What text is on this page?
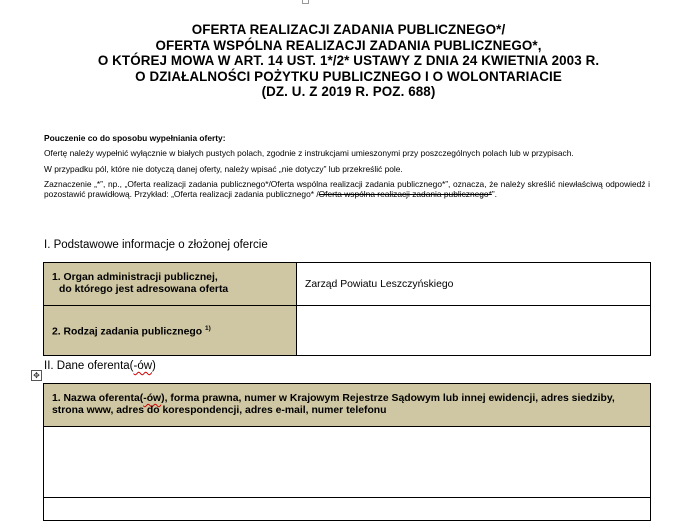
OFERTA REALIZACJI ZADANIA PUBLICZNEGO*/
OFERTA WSPÓLNA REALIZACJI ZADANIA PUBLICZNEGO*,
O KTÓREJ MOWA W ART. 14 UST. 1*/2* USTAWY Z DNIA 24 KWIETNIA 2003 R.
O DZIAŁALNOŚCI POŻYTKU PUBLICZNEGO I O WOLONTARIACIE
(DZ. U. Z 2019 R. POZ. 688)
Pouczenie co do sposobu wypełniania oferty:
Ofertę należy wypełnić wyłącznie w białych pustych polach, zgodnie z instrukcjami umieszonymi przy poszczególnych polach lub w przypisach.
W przypadku pól, które nie dotyczą danej oferty, należy wpisać „nie dotyczy” lub przekreślić pole.
Zaznaczenie „*”, np., „Oferta realizacji zadania publicznego*/Oferta wspólna realizacji zadania publicznego*”, oznacza, że należy skreślić niewłaściwą odpowiedź i pozostawić prawidłową. Przykład: „Oferta realizacji zadania publicznego* /Oferta wspólna realizacji zadania publicznego*”.
I. Podstawowe informacje o złożonej ofercie
1. Organ administracji publicznej,
do którego jest adresowana oferta	Zarząd Powiatu Leszczyńskiego
2. Rodzaj zadania publicznego $^{1)}$	
II. Dane oferenta(-ów)
✥
1. Nazwa oferenta(-ów), forma prawna, numer w Krajowym Rejestrze Sądowym lub innej ewidencji, adres siedziby, strona www, adres do korespondencji, adres e-mail, numer telefonu
